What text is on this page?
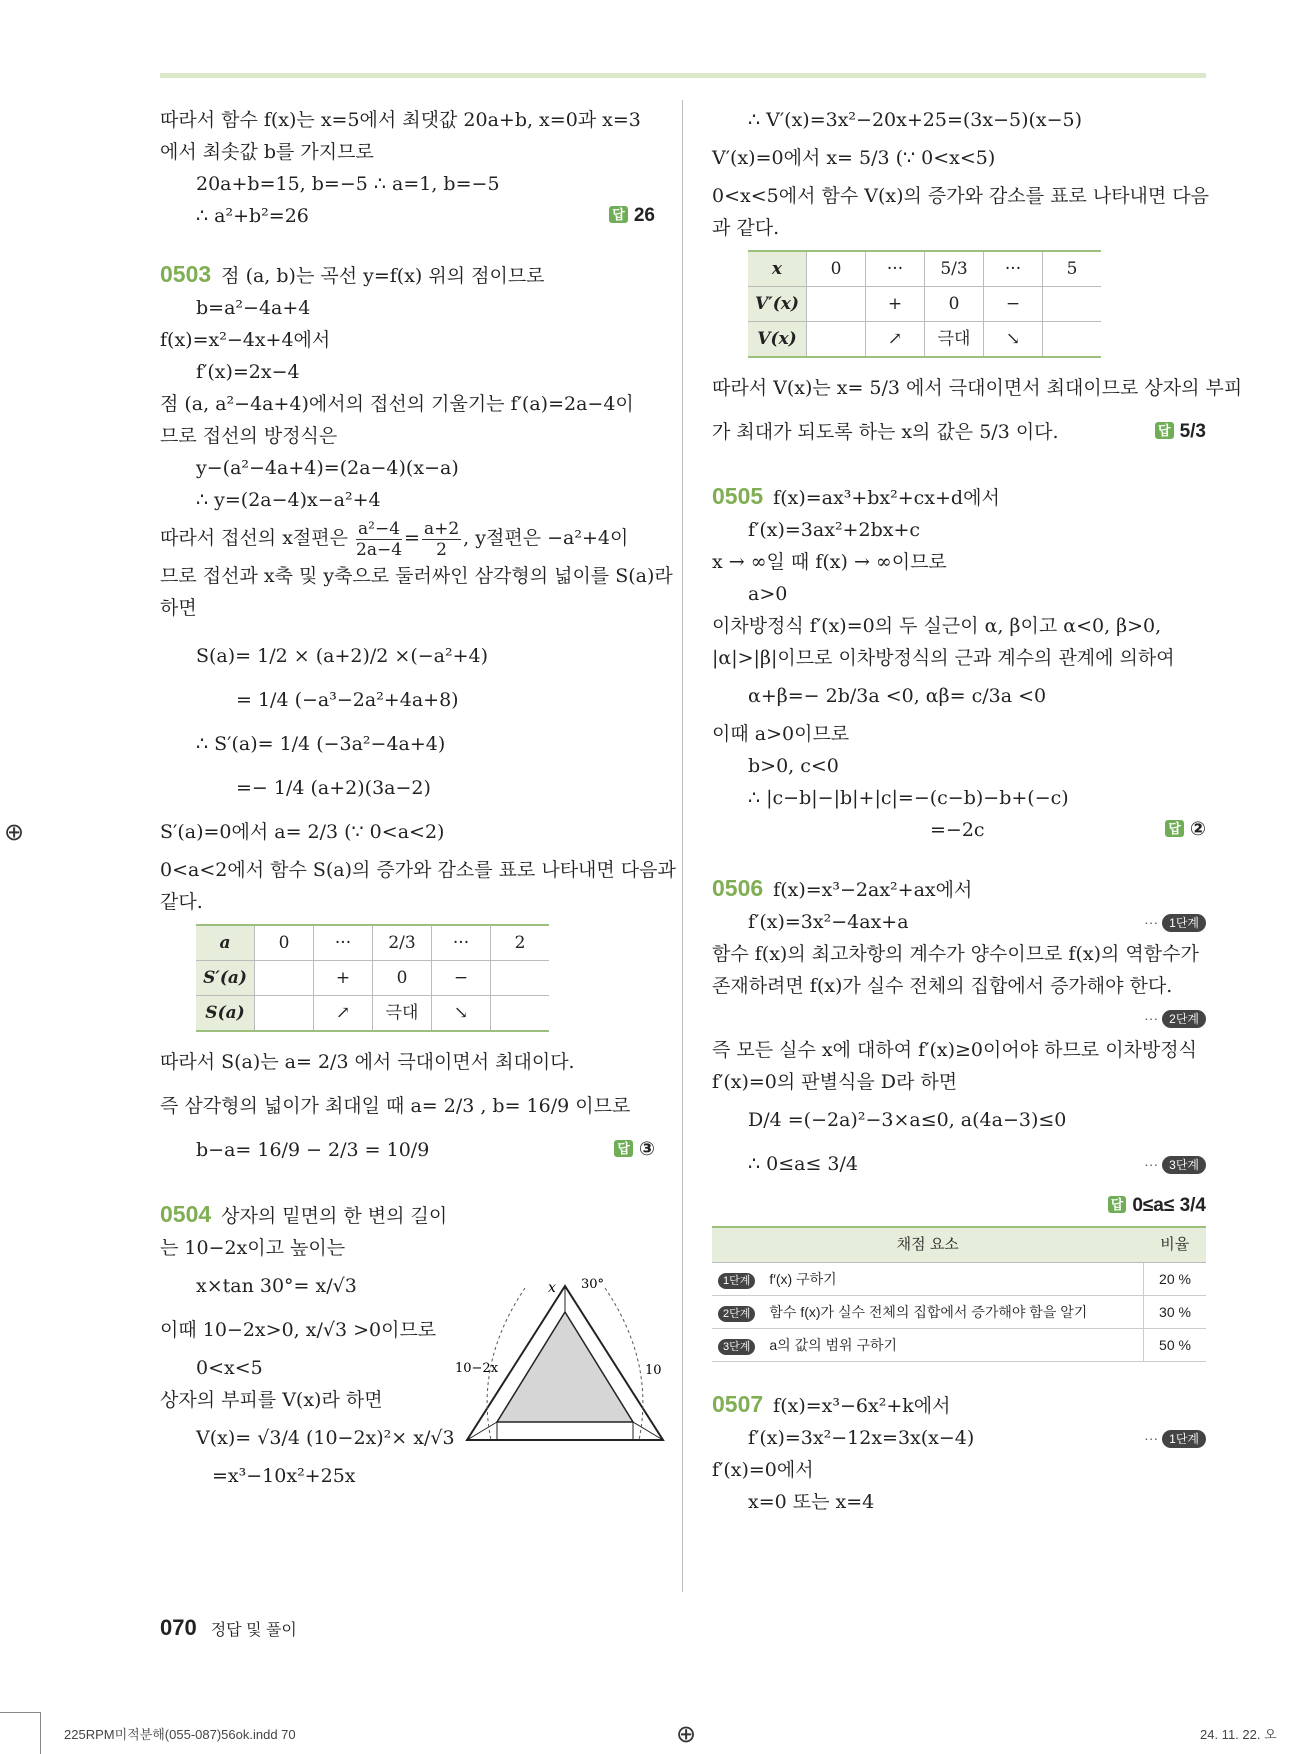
따라서 함수 f(x)는 x=5에서 최댓값 20a+b, x=0과 x=3
에서 최솟값 b를 가지므로
20a+b=15, b=−5 ∴ a=1, b=−5
∴ a²+b²=26	답 26
0503 점 (a, b)는 곡선 y=f(x) 위의 점이므로
b=a²−4a+4
f(x)=x²−4x+4에서
f′(x)=2x−4
점 (a, a²−4a+4)에서의 접선의 기울기는 f′(a)=2a−4이
므로 접선의 방정식은
y−(a²−4a+4)=(2a−4)(x−a)
∴ y=(2a−4)x−a²+4
따라서 접선의 x절편은 $\frac{\text{a²−4}}{2a-4} = \frac{a+2}{2}$ , y절편은 −a²+4이
므로 접선과 x축 및 y축으로 둘러싸인 삼각형의 넓이를 S(a)라
하면
S(a)= 1/2 × (a+2)/2 ×(−a²+4)
= 1/4 (−a³−2a²+4a+8)
∴ S′(a)= 1/4 (−3a²−4a+4)
=− 1/4 (a+2)(3a−2)
S′(a)=0에서 a= 2/3 (∵ 0<a<2)
0<a<2에서 함수 S(a)의 증가와 감소를 표로 나타내면 다음과
같다.
a	0	···	2/3	···	2
S′(a)		+	0	−	
S(a)		↗	극대	↘	
따라서 S(a)는 a= 2/3 에서 극대이면서 최대이다.
즉 삼각형의 넓이가 최대일 때 a= 2/3 , b= 16/9 이므로
b−a= 16/9 − 2/3 = 10/9	답 ③
0504 상자의 밑면의 한 변의 길이
는 10−2x이고 높이는
x×tan 30°= x/√3
이때 10−2x>0, x/√3 >0이므로
0<x<5
상자의 부피를 V(x)라 하면
V(x)= √3/4 (10−2x)²× x/√3
=x³−10x²+25x
x 30°
10−2x	10
∴ V′(x)=3x²−20x+25=(3x−5)(x−5)
V′(x)=0에서 x= 5/3 (∵ 0<x<5)
0<x<5에서 함수 V(x)의 증가와 감소를 표로 나타내면 다음
과 같다.
x	0	···	5/3	···	5
V′(x)		+	0	−	
V(x)		↗	극대	↘	
따라서 V(x)는 x= 5/3 에서 극대이면서 최대이므로 상자의 부피
가 최대가 되도록 하는 x의 값은 5/3 이다.	답 5/3
0505 f(x)=ax³+bx²+cx+d에서
f′(x)=3ax²+2bx+c
x → ∞일 때 f(x) → ∞이므로
a>0
이차방정식 f′(x)=0의 두 실근이 α, β이고 α<0, β>0,
|α|>|β|이므로 이차방정식의 근과 계수의 관계에 의하여
α+β=− 2b/3a <0, αβ= c/3a <0
이때 a>0이므로
b>0, c<0
∴ |c−b|−|b|+|c|=−(c−b)−b+(−c)
=−2c	답 ②
0506 f(x)=x³−2ax²+ax에서
f′(x)=3x²−4ax+a	··· 1단계
함수 f(x)의 최고차항의 계수가 양수이므로 f(x)의 역함수가
존재하려면 f(x)가 실수 전체의 집합에서 증가해야 한다.
··· 2단계
즉 모든 실수 x에 대하여 f′(x)≥0이어야 하므로 이차방정식
f′(x)=0의 판별식을 D라 하면
D/4 =(−2a)²−3×a≤0, a(4a−3)≤0
∴ 0≤a≤ 3/4	··· 3단계
답 0≤a≤ 3/4
채점 요소	비율
1단계 f′(x) 구하기	20 %
2단계 함수 f(x)가 실수 전체의 집합에서 증가해야 함을 알기	30 %
3단계 a의 값의 범위 구하기	50 %
0507 f(x)=x³−6x²+k에서
f′(x)=3x²−12x=3x(x−4)	··· 1단계
f′(x)=0에서
x=0 또는 x=4
070 정답 및 풀이
225RPM미적분해(055-087)56ok.indd 70	24. 11. 22. 오
⊕
⊕
